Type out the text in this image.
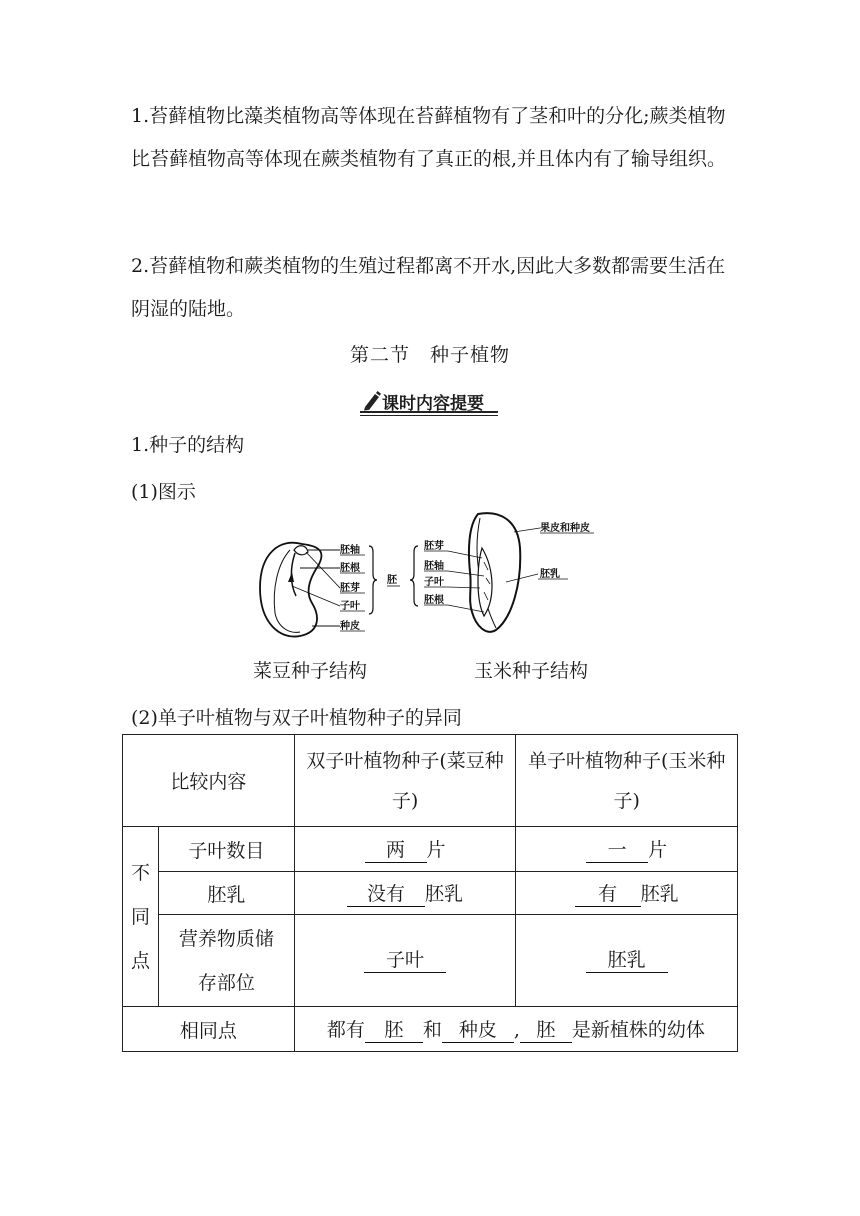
1.苔藓植物比藻类植物高等体现在苔藓植物有了茎和叶的分化;蕨类植物比苔藓植物高等体现在蕨类植物有了真正的根,并且体内有了输导组织。

2.苔藓植物和蕨类植物的生殖过程都离不开水,因此大多数都需要生活在阴湿的陆地。

第二节　种子植物
课时内容提要
1.种子的结构
(1)图示
胚轴
胚根
胚芽
子叶
种皮
胚
胚芽
胚轴
子叶
胚根
果皮和种皮
胚乳
菜豆种子结构	玉米种子结构
(2)单子叶植物与双子叶植物种子的异同
比较内容		双子叶植物种子(菜豆种子)	单子叶植物种子(玉米种子)
不同点	子叶数目	两 片	一 片
	胚乳	没有 胚乳	有 胚乳
	营养物质储存部位	子叶	胚乳
相同点		都有 胚 和 种皮 , 胚 是新植株的幼体	
